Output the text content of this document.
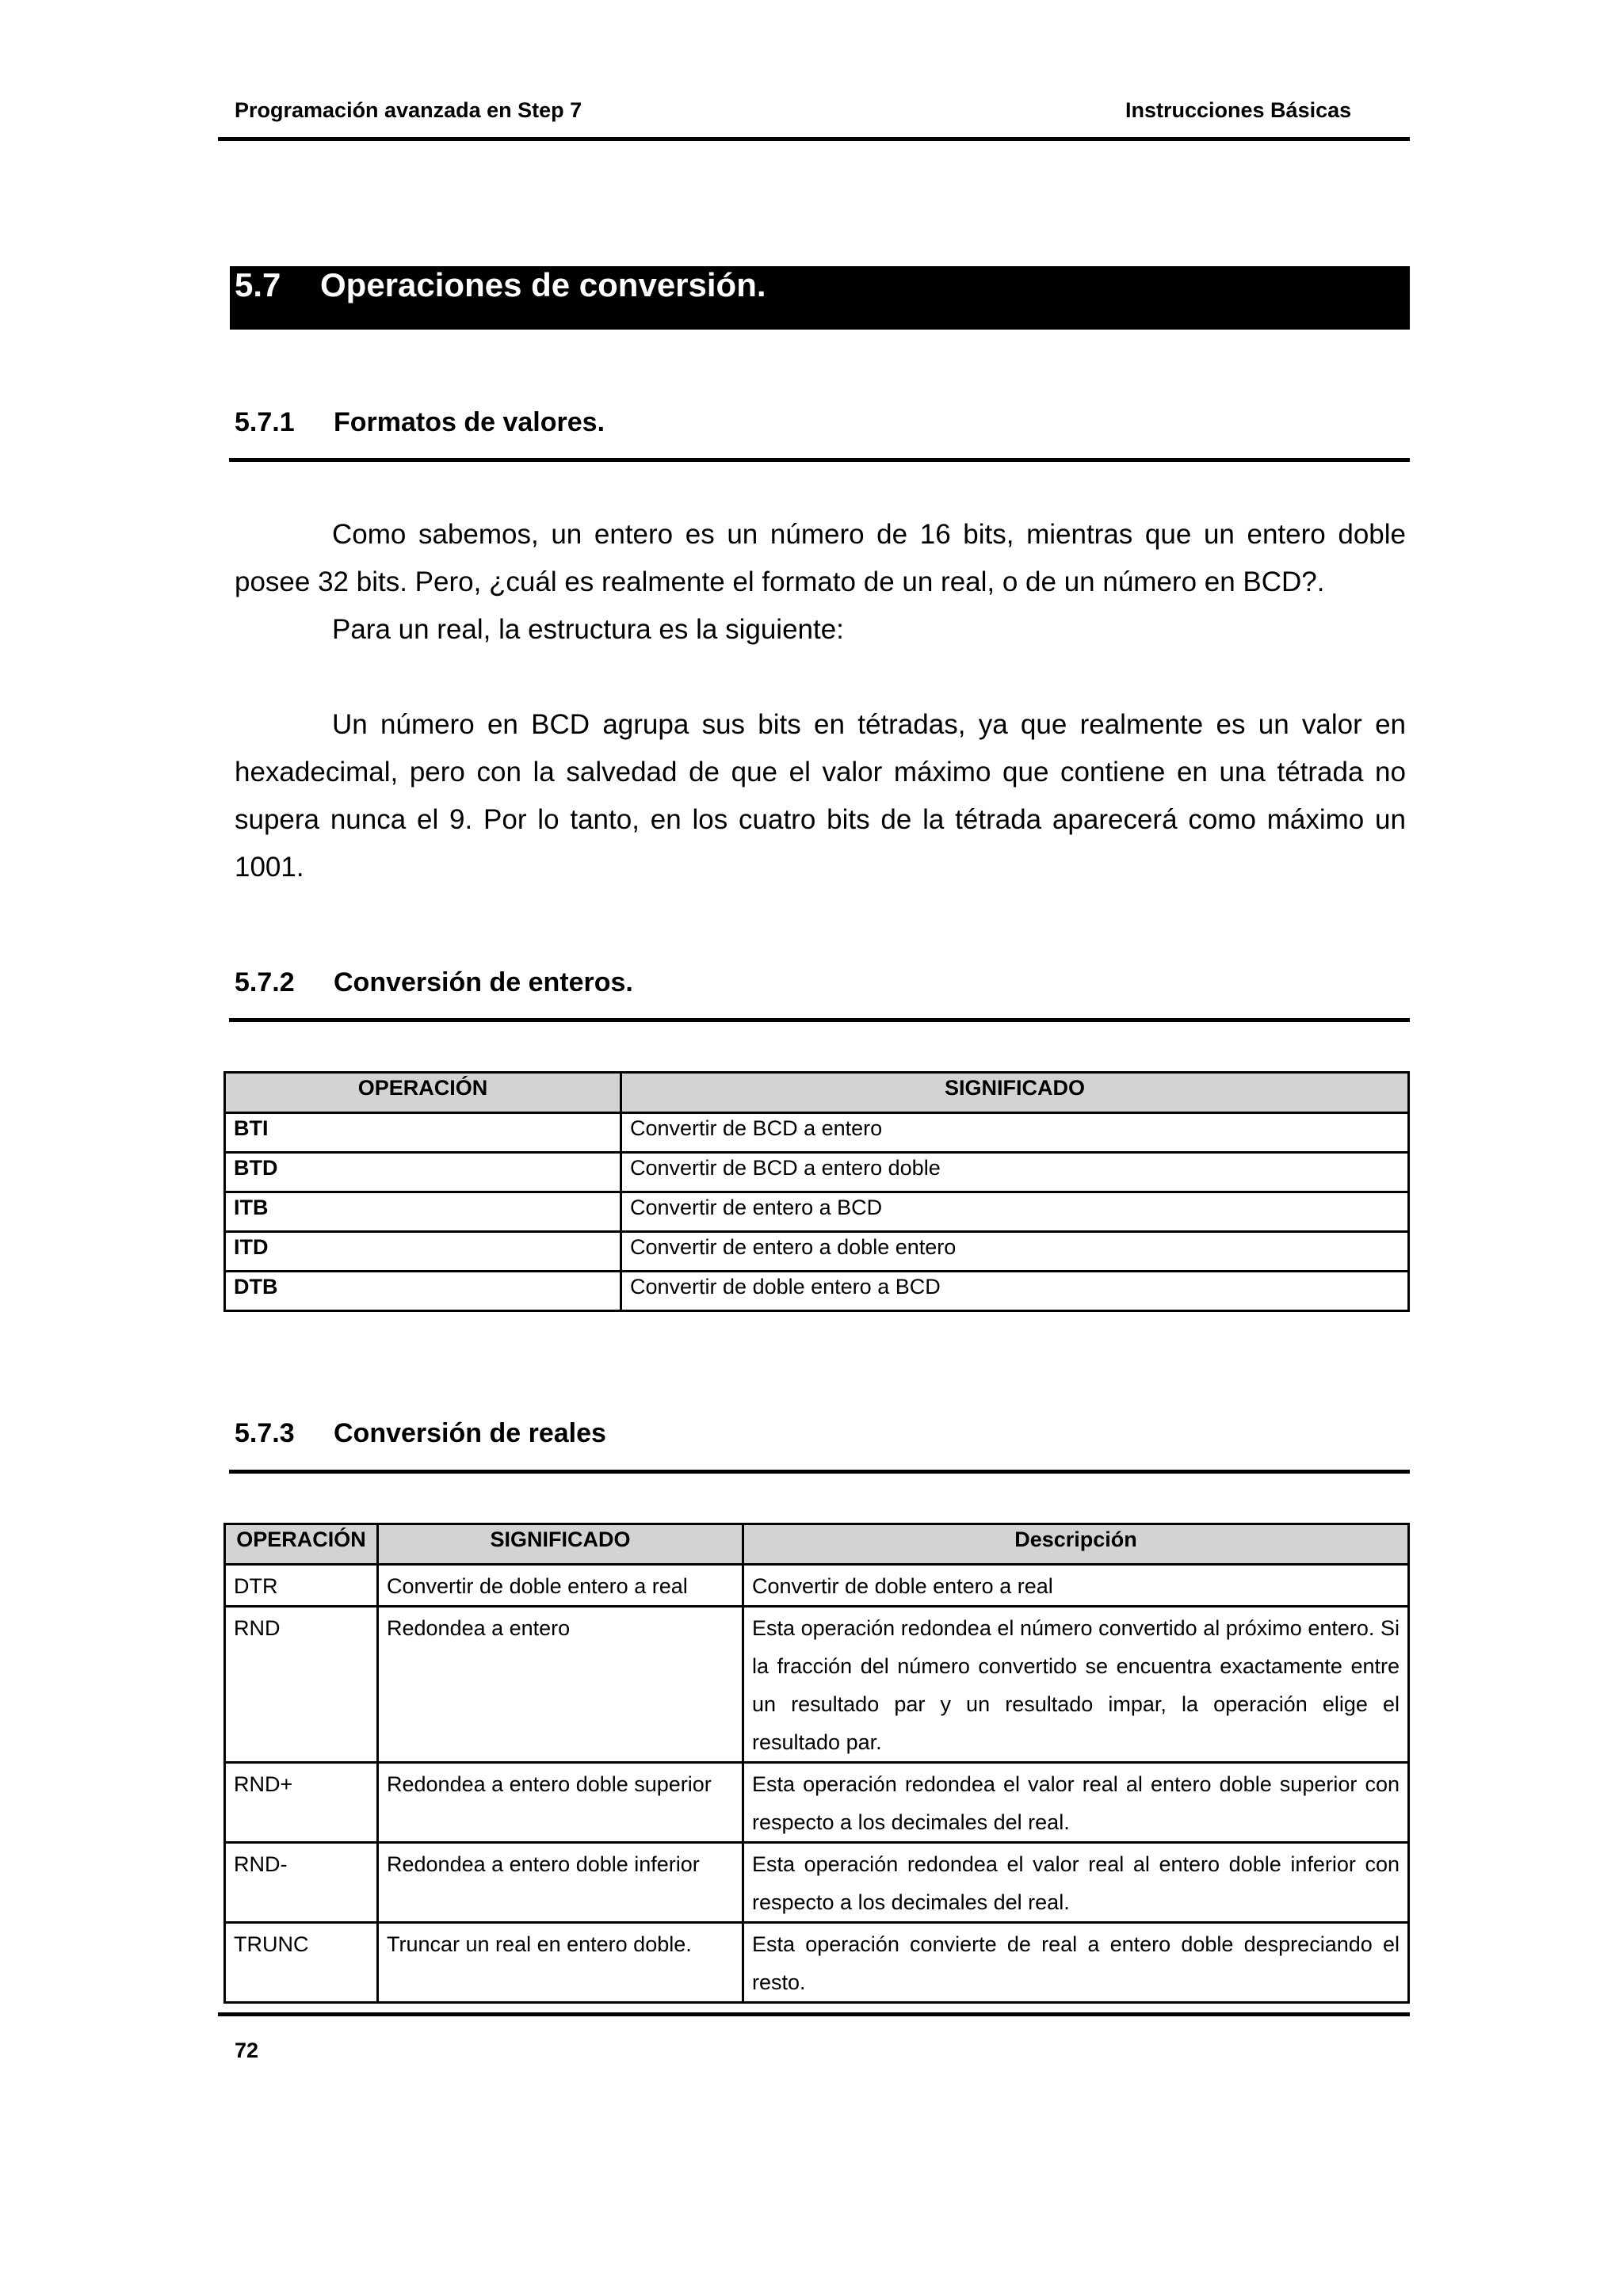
Programación avanzada en Step 7	Instrucciones Básicas
5.7 Operaciones de conversión.
5.7.1 Formatos de valores.
Como sabemos, un entero es un número de 16 bits, mientras que un entero doble posee 32 bits. Pero, ¿cuál es realmente el formato de un real, o de un número en BCD?.
Para un real, la estructura es la siguiente:
Un número en BCD agrupa sus bits en tétradas, ya que realmente es un valor en hexadecimal, pero con la salvedad de que el valor máximo que contiene en una tétrada no supera nunca el 9. Por lo tanto, en los cuatro bits de la tétrada aparecerá como máximo un 1001.
5.7.2 Conversión de enteros.
OPERACIÓN	SIGNIFICADO
BTI	Convertir de BCD a entero
BTD	Convertir de BCD a entero doble
ITB	Convertir de entero a BCD
ITD	Convertir de entero a doble entero
DTB	Convertir de doble entero a BCD
5.7.3 Conversión de reales
OPERACIÓN	SIGNIFICADO	Descripción
DTR	Convertir de doble entero a real	Convertir de doble entero a real
RND	Redondea a entero	Esta operación redondea el número convertido al próximo entero. Si la fracción del número convertido se encuentra exactamente entre un resultado par y un resultado impar, la operación elige el resultado par.
RND+	Redondea a entero doble superior	Esta operación redondea el valor real al entero doble superior con respecto a los decimales del real.
RND-	Redondea a entero doble inferior	Esta operación redondea el valor real al entero doble inferior con respecto a los decimales del real.
TRUNC	Truncar un real en entero doble.	Esta operación convierte de real a entero doble despreciando el resto.
72
